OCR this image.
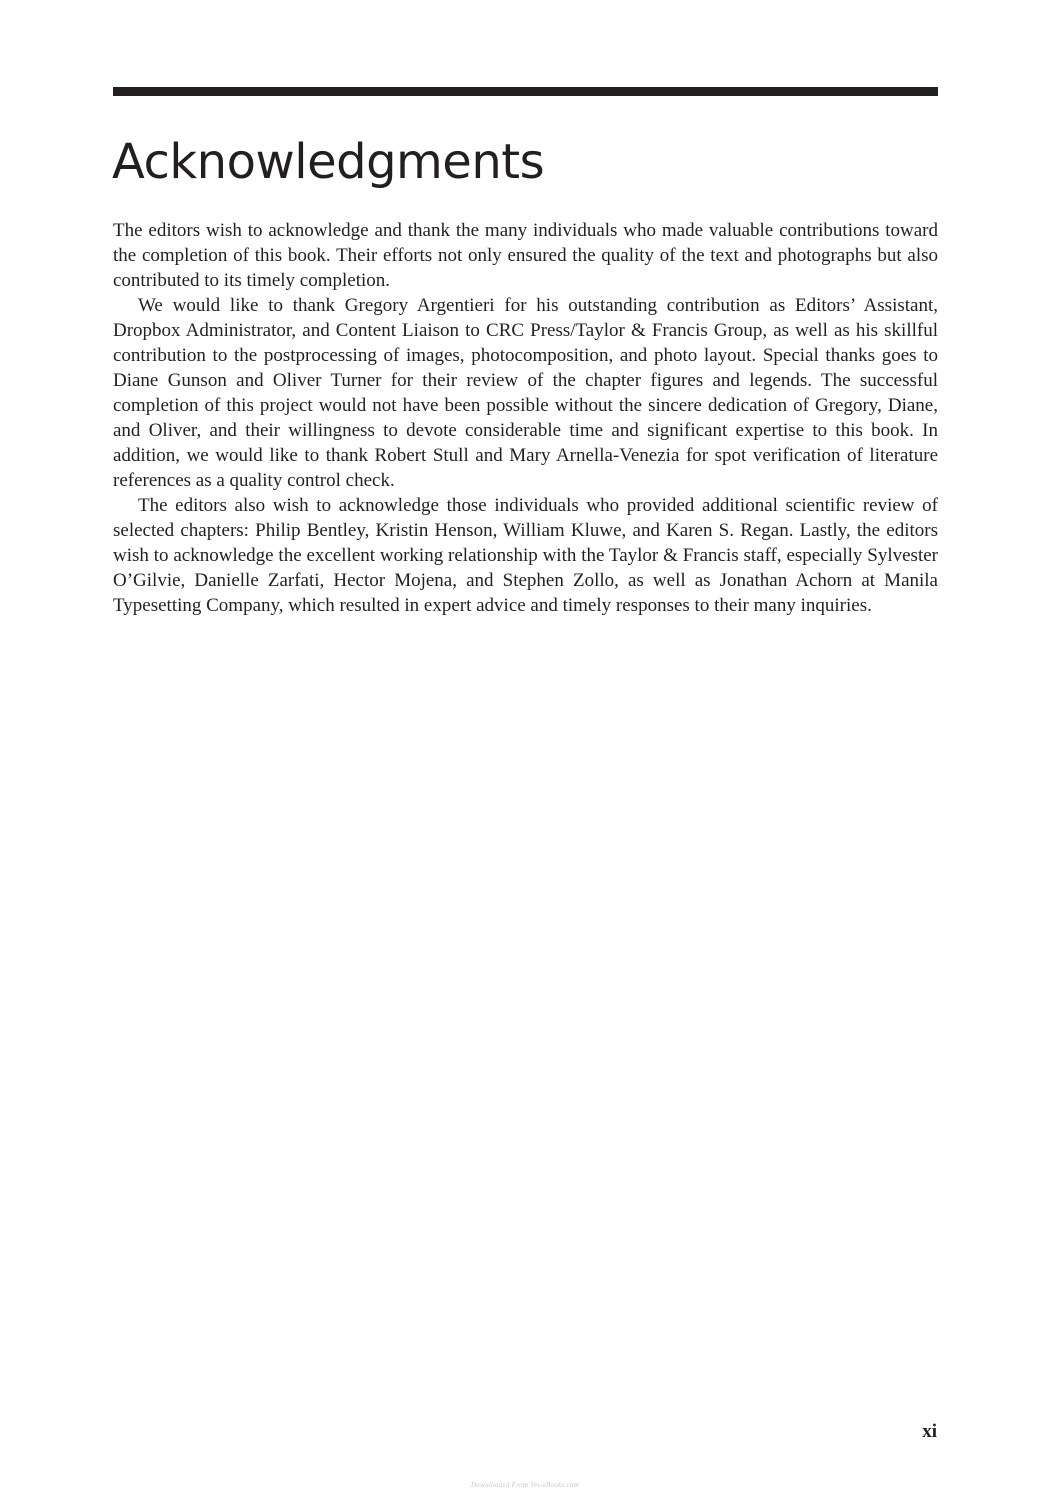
Acknowledgments

The editors wish to acknowledge and thank the many individuals who made valuable contributions toward the completion of this book. Their efforts not only ensured the quality of the text and photographs but also contributed to its timely completion.

We would like to thank Gregory Argentieri for his outstanding contribution as Editors’ Assistant, Dropbox Administrator, and Content Liaison to CRC Press/Taylor & Francis Group, as well as his skillful contribution to the postprocessing of images, photocomposition, and photo layout. Special thanks goes to Diane Gunson and Oliver Turner for their review of the chapter figures and legends. The successful completion of this project would not have been possible without the sincere dedication of Gregory, Diane, and Oliver, and their willingness to devote considerable time and significant expertise to this book. In addition, we would like to thank Robert Stull and Mary Arnella-Venezia for spot verification of literature references as a quality control check.

The editors also wish to acknowledge those individuals who provided additional scientific review of selected chapters: Philip Bentley, Kristin Henson, William Kluwe, and Karen S. Regan. Lastly, the editors wish to acknowledge the excellent working relationship with the Taylor & Francis staff, especially Sylvester O’Gilvie, Danielle Zarfati, Hector Mojena, and Stephen Zollo, as well as Jonathan Achorn at Manila Typesetting Company, which resulted in expert advice and timely responses to their many inquiries.

xi
Downloaded From Vet-eBooks.com
